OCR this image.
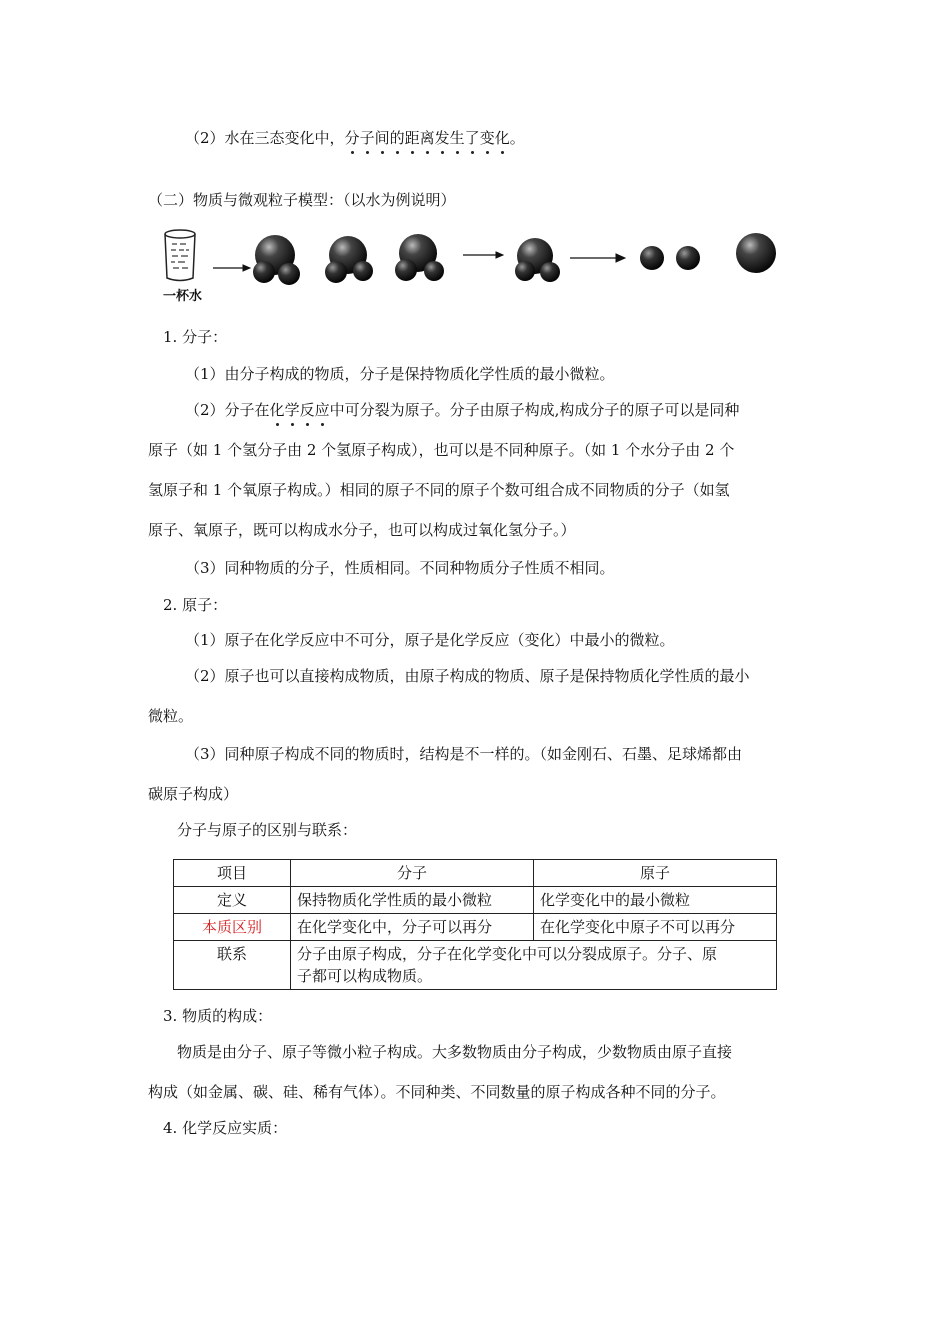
（2）水在三态变化中，分子间的距离发生了变化。
（二）物质与微观粒子模型：（以水为例说明）
一杯水
1. 分子：
（1）由分子构成的物质，分子是保持物质化学性质的最小微粒。
（2）分子在化学反应中可分裂为原子。分子由原子构成,构成分子的原子可以是同种
原子（如 1 个氢分子由 2 个氢原子构成），也可以是不同种原子。（如 1 个水分子由 2 个
氢原子和 1 个氧原子构成。）相同的原子不同的原子个数可组合成不同物质的分子（如氢
原子、氧原子，既可以构成水分子，也可以构成过氧化氢分子。）
（3）同种物质的分子，性质相同。不同种物质分子性质不相同。
2. 原子：
（1）原子在化学反应中不可分，原子是化学反应（变化）中最小的微粒。
（2）原子也可以直接构成物质，由原子构成的物质、原子是保持物质化学性质的最小
微粒。
（3）同种原子构成不同的物质时，结构是不一样的。（如金刚石、石墨、足球烯都由
碳原子构成）
分子与原子的区别与联系：
项目	分子	原子
定义	保持物质化学性质的最小微粒	化学变化中的最小微粒
本质区别	在化学变化中，分子可以再分	在化学变化中原子不可以再分
联系	分子由原子构成，分子在化学变化中可以分裂成原子。分子、原
子都可以构成物质。	
3. 物质的构成：
物质是由分子、原子等微小粒子构成。大多数物质由分子构成，少数物质由原子直接
构成（如金属、碳、硅、稀有气体）。不同种类、不同数量的原子构成各种不同的分子。
4. 化学反应实质：
